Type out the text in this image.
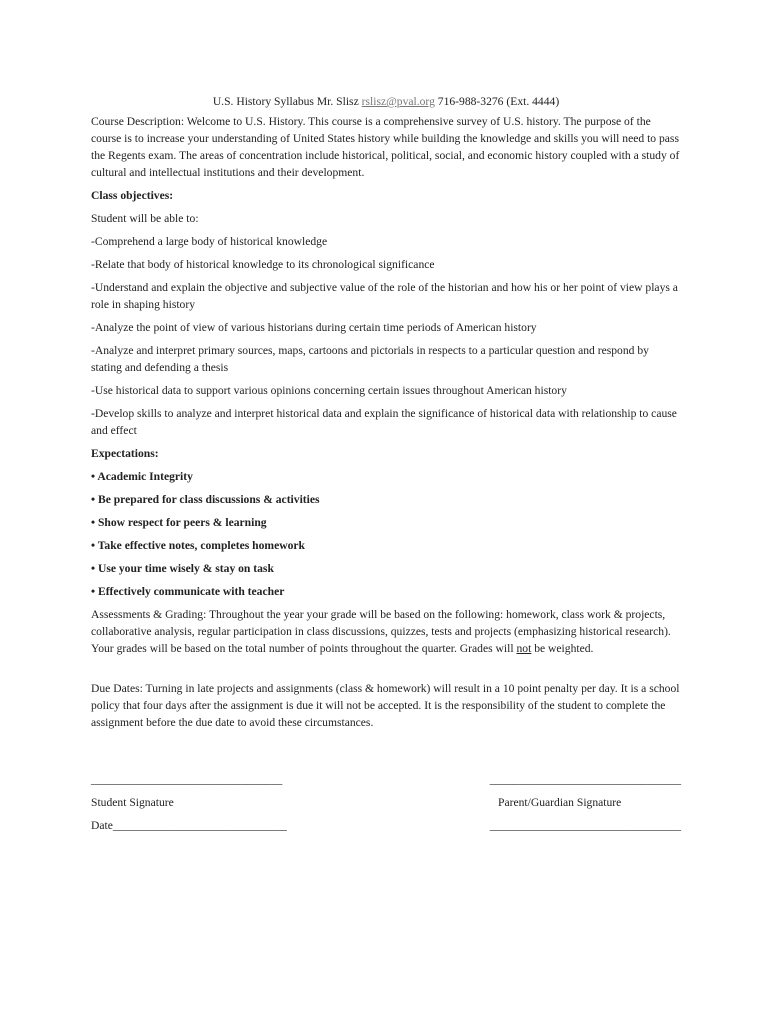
U.S. History Syllabus Mr. Slisz rslisz@pval.org 716-988-3276 (Ext. 4444)

Course Description: Welcome to U.S. History. This course is a comprehensive survey of U.S. history. The purpose of the course is to increase your understanding of United States history while building the knowledge and skills you will need to pass the Regents exam. The areas of concentration include historical, political, social, and economic history coupled with a study of cultural and intellectual institutions and their development.

Class objectives:

Student will be able to:

-Comprehend a large body of historical knowledge

-Relate that body of historical knowledge to its chronological significance

-Understand and explain the objective and subjective value of the role of the historian and how his or her point of view plays a role in shaping history

-Analyze the point of view of various historians during certain time periods of American history

-Analyze and interpret primary sources, maps, cartoons and pictorials in respects to a particular question and respond by stating and defending a thesis

-Use historical data to support various opinions concerning certain issues throughout American history

-Develop skills to analyze and interpret historical data and explain the significance of historical data with relationship to cause and effect

Expectations:

• Academic Integrity

• Be prepared for class discussions & activities

• Show respect for peers & learning

• Take effective notes, completes homework

• Use your time wisely & stay on task

• Effectively communicate with teacher

Assessments & Grading: Throughout the year your grade will be based on the following: homework, class work & projects, collaborative analysis, regular participation in class discussions, quizzes, tests and projects (emphasizing historical research). Your grades will be based on the total number of points throughout the quarter. Grades will not be weighted.

Due Dates: Turning in late projects and assignments (class & homework) will result in a 10 point penalty per day. It is a school policy that four days after the assignment is due it will not be accepted. It is the responsibility of the student to complete the assignment before the due date to avoid these circumstances.

_________________________________	_________________________________
Student Signature	Parent/Guardian Signature
Date______________________________	_________________________________
